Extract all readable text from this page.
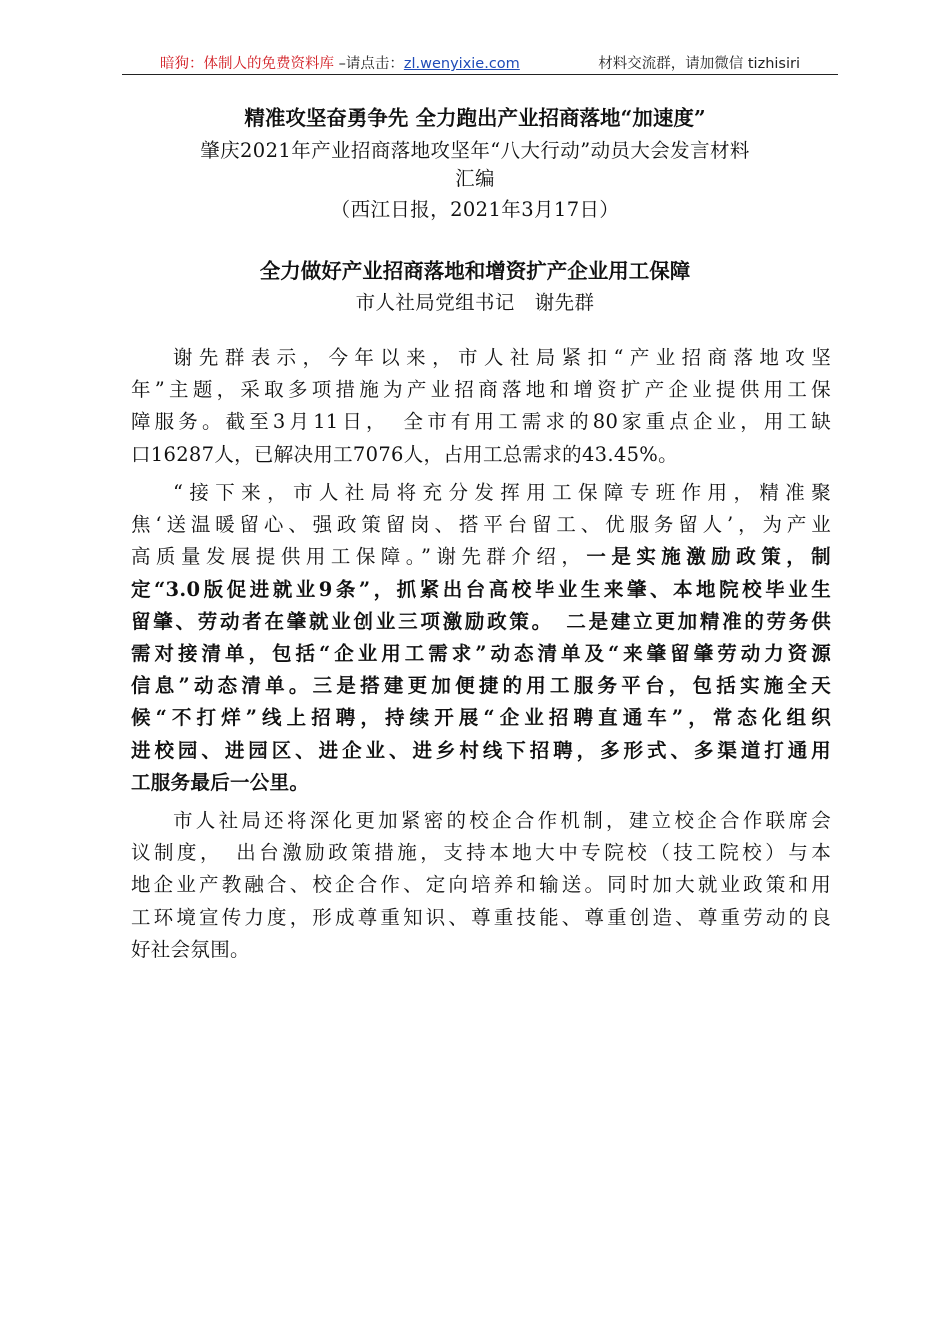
暗狗：体制人的免费资料库 –请点击：zl.wenyixie.com	材料交流群，请加微信 tizhisiri
精准攻坚奋勇争先 全力跑出产业招商落地“加速度”
肇庆2021年产业招商落地攻坚年“八大行动”动员大会发言材料
汇编
（西江日报，2021年3月17日）
全力做好产业招商落地和增资扩产企业用工保障
市人社局党组书记　谢先群
谢先群表示，今年以来，市人社局紧扣“产业招商落地攻坚
年”主题，采取多项措施为产业招商落地和增资扩产企业提供用工保
障服务。截至3月11日，　全市有用工需求的80家重点企业，用工缺
口16287人，已解决用工7076人，占用工总需求的43.45%。
“接下来，市人社局将充分发挥用工保障专班作用，精准聚
焦‘送温暖留心、强政策留岗、搭平台留工、优服务留人’，为产业
高质量发展提供用工保障。”谢先群介绍，一是实施激励政策，制
定“3.0版促进就业9条”，抓紧出台高校毕业生来肇、本地院校毕业生
留肇、劳动者在肇就业创业三项激励政策。　二是建立更加精准的劳务供
需对接清单，包括“企业用工需求”动态清单及“来肇留肇劳动力资源
信息”动态清单。三是搭建更加便捷的用工服务平台，包括实施全天
候“不打烊”线上招聘，持续开展“企业招聘直通车”，常态化组织
进校园、进园区、进企业、进乡村线下招聘，多形式、多渠道打通用
工服务最后一公里。
市人社局还将深化更加紧密的校企合作机制，建立校企合作联席会
议制度，　出台激励政策措施，支持本地大中专院校（技工院校）与本
地企业产教融合、校企合作、定向培养和输送。同时加大就业政策和用
工环境宣传力度，形成尊重知识、尊重技能、尊重创造、尊重劳动的良
好社会氛围。
